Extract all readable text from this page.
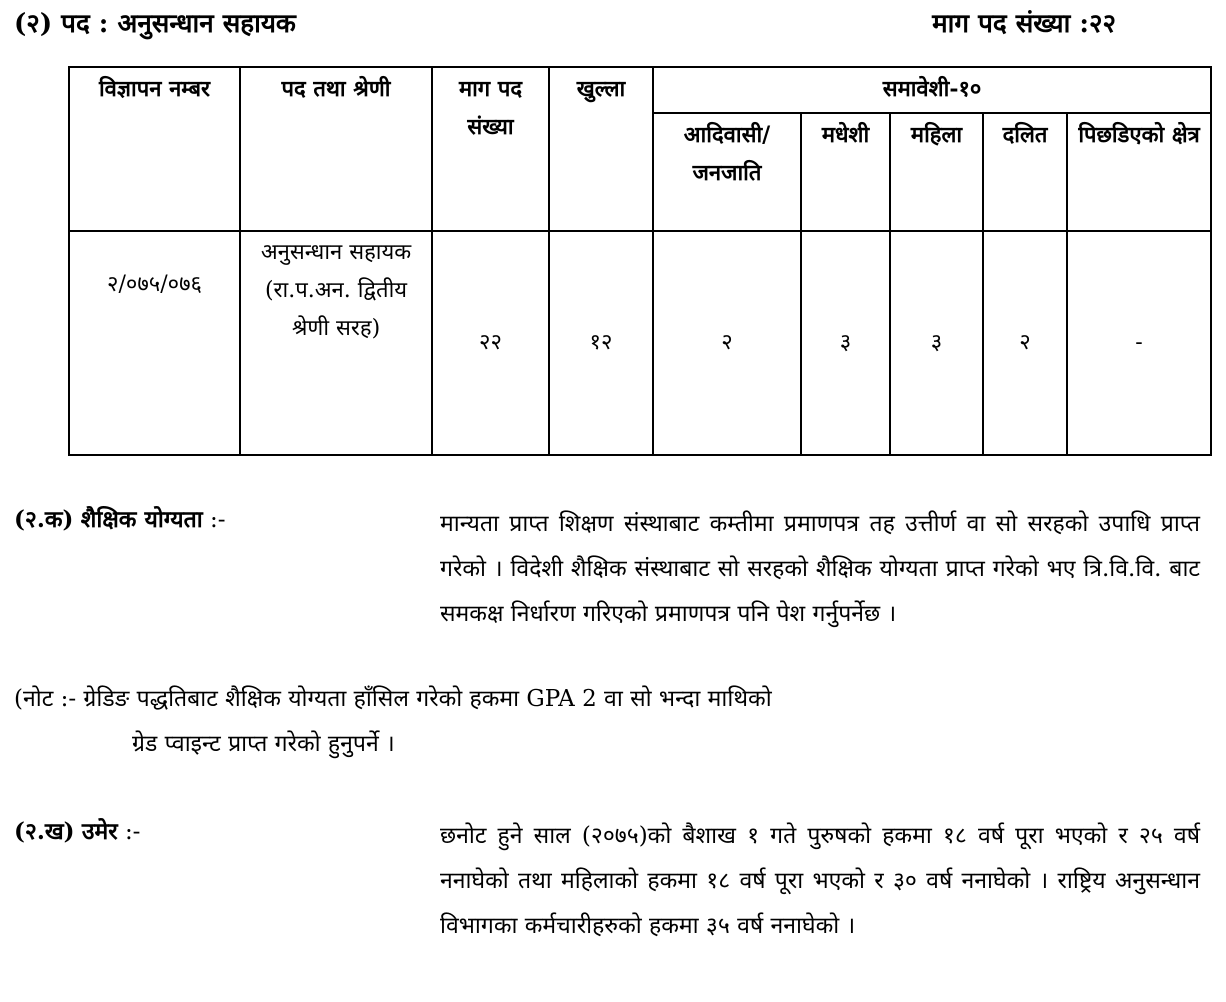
(२) पद : अनुसन्धान सहायक	माग पद संख्या :२२
विज्ञापन नम्बर	पद तथा श्रेणी	माग पद संख्या	खुल्ला	समावेशी-१०				
				आदिवासी/ जनजाति	मधेशी	महिला	दलित	पिछडिएको क्षेत्र
२/०७५/०७६	अनुसन्धान सहायक (रा.प.अन. द्वितीय श्रेणी सरह)	२२	१२	२	३	३	२	-
(२.क) शैक्षिक योग्यता :-	मान्यता प्राप्त शिक्षण संस्थाबाट कम्तीमा प्रमाणपत्र तह उत्तीर्ण वा सो सरहको उपाधि प्राप्त गरेको । विदेशी शैक्षिक संस्थाबाट सो सरहको शैक्षिक योग्यता प्राप्त गरेको भए त्रि.वि.वि. बाट समकक्ष निर्धारण गरिएको प्रमाणपत्र पनि पेश गर्नुपर्नेछ ।
(नोट :- ग्रेडिङ पद्धतिबाट शैक्षिक योग्यता हाँसिल गरेको हकमा GPA 2 वा सो भन्दा माथिको
ग्रेड प्वाइन्ट प्राप्त गरेको हुनुपर्ने ।
(२.ख) उमेर :-	छनोट हुने साल (२०७५)को बैशाख १ गते पुरुषको हकमा १८ वर्ष पूरा भएको र २५ वर्ष ननाघेको तथा महिलाको हकमा १८ वर्ष पूरा भएको र ३० वर्ष ननाघेको । राष्ट्रिय अनुसन्धान विभागका कर्मचारीहरुको हकमा ३५ वर्ष ननाघेको ।
